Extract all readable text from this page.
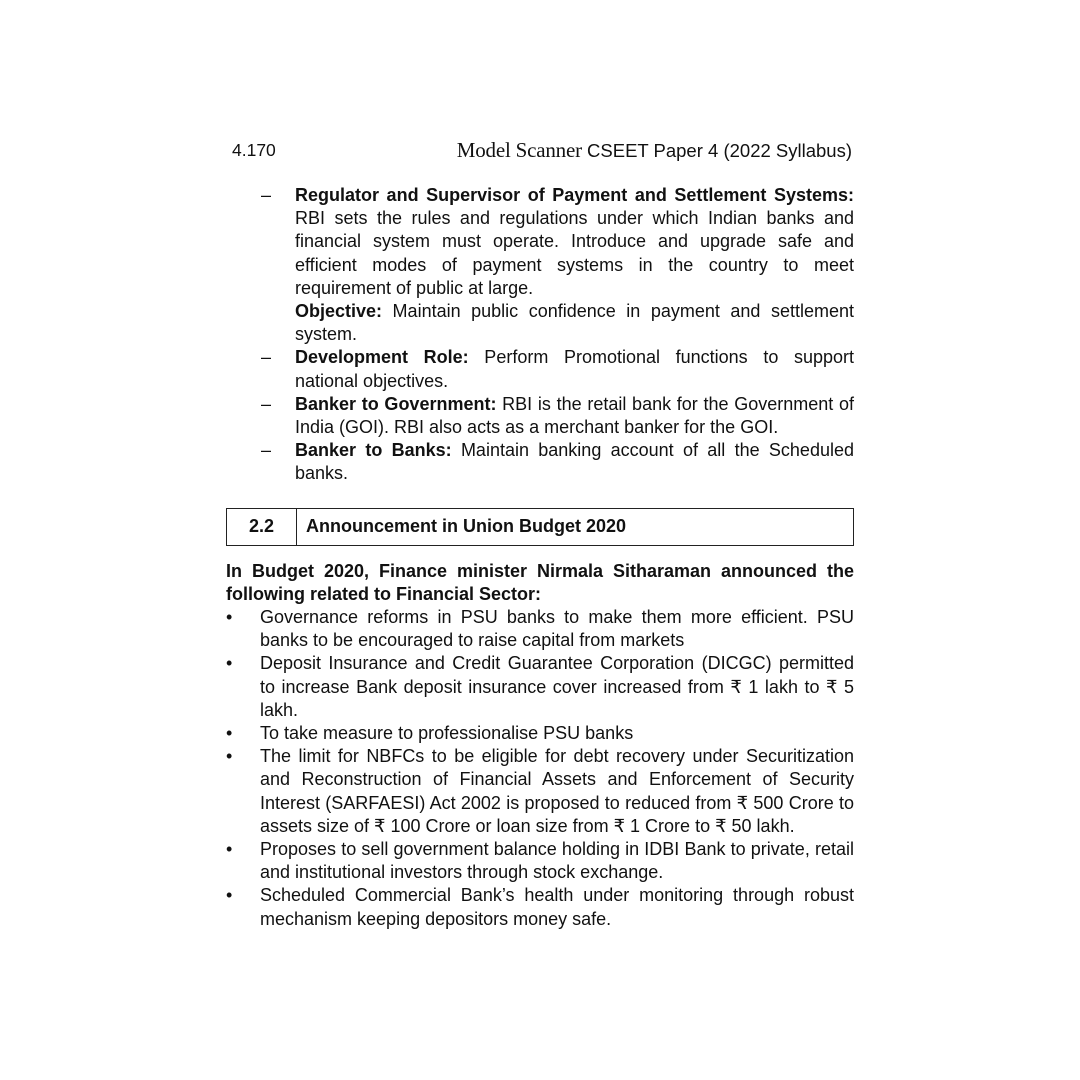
4.170	Model Scanner CSEET Paper 4 (2022 Syllabus)
– Regulator and Supervisor of Payment and Settlement Systems: RBI sets the rules and regulations under which Indian banks and financial system must operate. Introduce and upgrade safe and efficient modes of payment systems in the country to meet requirement of public at large.

Objective: Maintain public confidence in payment and settlement system.

– Development Role: Perform Promotional functions to support national objectives.

– Banker to Government: RBI is the retail bank for the Government of India (GOI). RBI also acts as a merchant banker for the GOI.

– Banker to Banks: Maintain banking account of all the Scheduled banks.

2.2	Announcement in Union Budget 2020

In Budget 2020, Finance minister Nirmala Sitharaman announced the following related to Financial Sector:

• Governance reforms in PSU banks to make them more efficient. PSU banks to be encouraged to raise capital from markets
• Deposit Insurance and Credit Guarantee Corporation (DICGC) permitted to increase Bank deposit insurance cover increased from ₹ 1 lakh to ₹ 5 lakh.
• To take measure to professionalise PSU banks
• The limit for NBFCs to be eligible for debt recovery under Securitization and Reconstruction of Financial Assets and Enforcement of Security Interest (SARFAESI) Act 2002 is proposed to reduced from ₹ 500 Crore to assets size of ₹ 100 Crore or loan size from ₹ 1 Crore to ₹ 50 lakh.
• Proposes to sell government balance holding in IDBI Bank to private, retail and institutional investors through stock exchange.
• Scheduled Commercial Bank’s health under monitoring through robust mechanism keeping depositors money safe.
